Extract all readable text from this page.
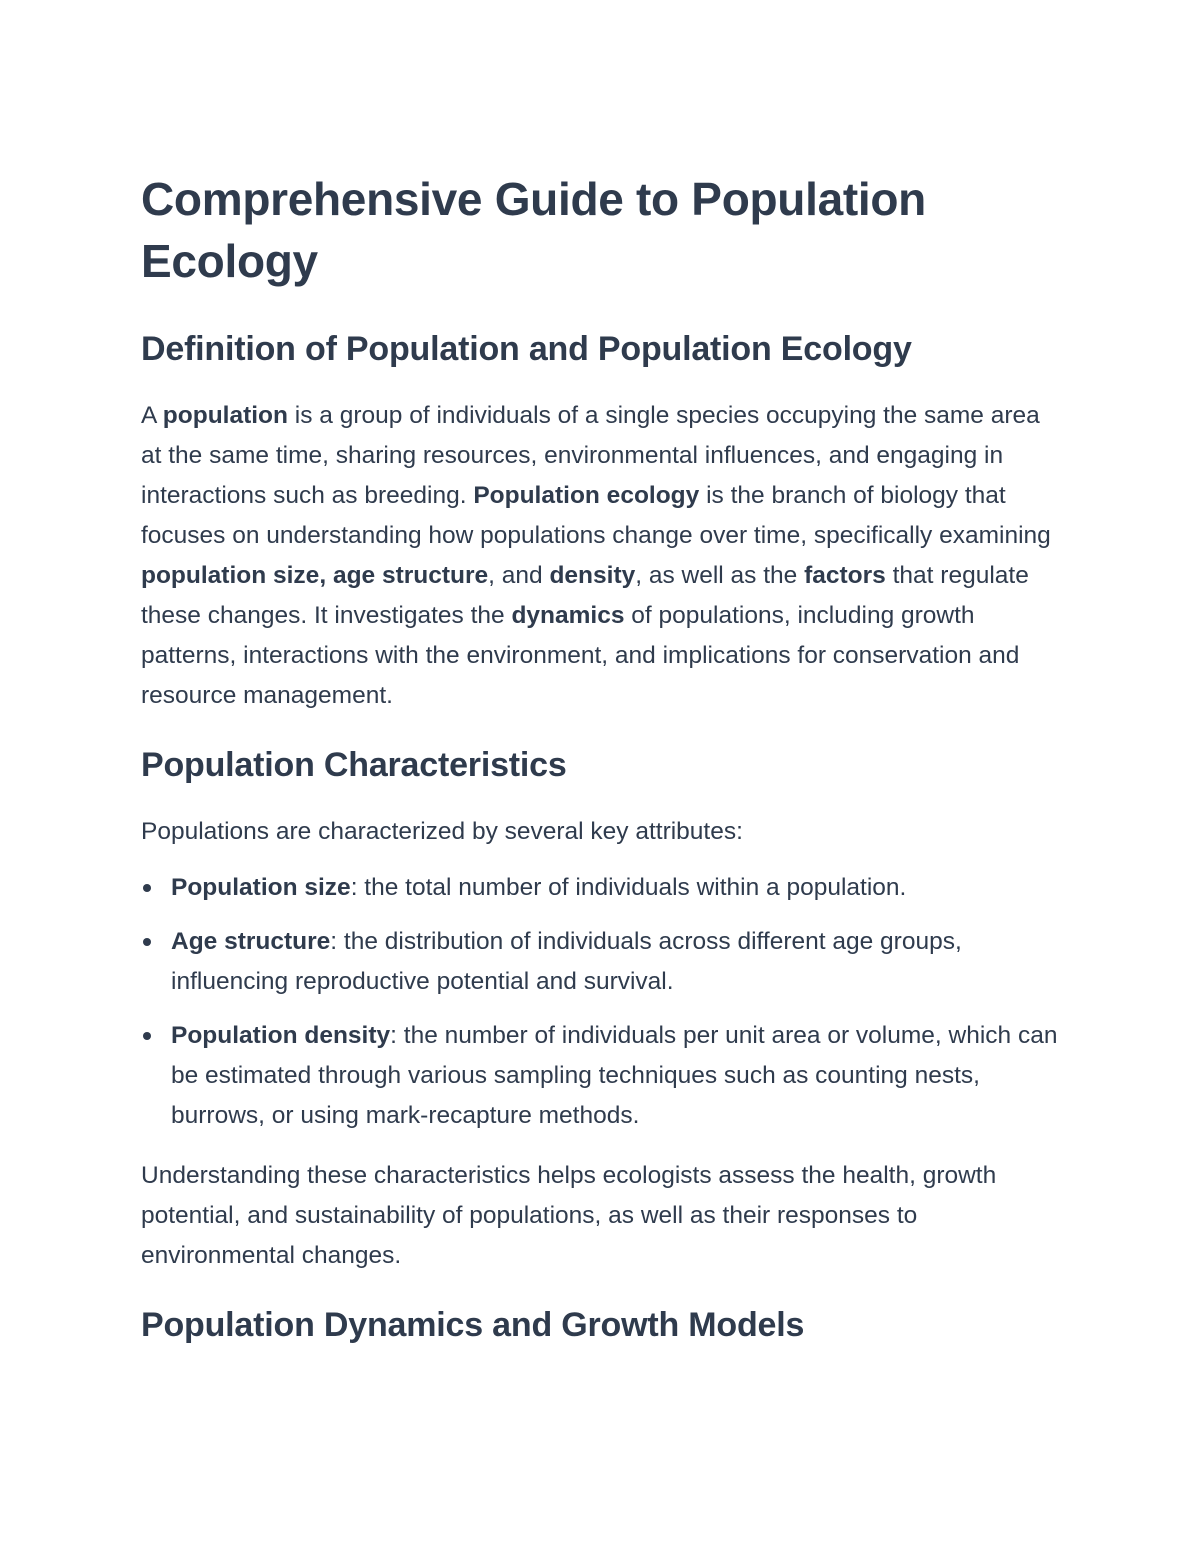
Comprehensive Guide to Population Ecology
Definition of Population and Population Ecology

A population is a group of individuals of a single species occupying the same area at the same time, sharing resources, environmental influences, and engaging in interactions such as breeding. Population ecology is the branch of biology that focuses on understanding how populations change over time, specifically examining population size, age structure, and density, as well as the factors that regulate these changes. It investigates the dynamics of populations, including growth patterns, interactions with the environment, and implications for conservation and resource management.

Population Characteristics

Populations are characterized by several key attributes:

Population size: the total number of individuals within a population.
Age structure: the distribution of individuals across different age groups, influencing reproductive potential and survival.
Population density: the number of individuals per unit area or volume, which can be estimated through various sampling techniques such as counting nests, burrows, or using mark-recapture methods.

Understanding these characteristics helps ecologists assess the health, growth potential, and sustainability of populations, as well as their responses to environmental changes.

Population Dynamics and Growth Models
